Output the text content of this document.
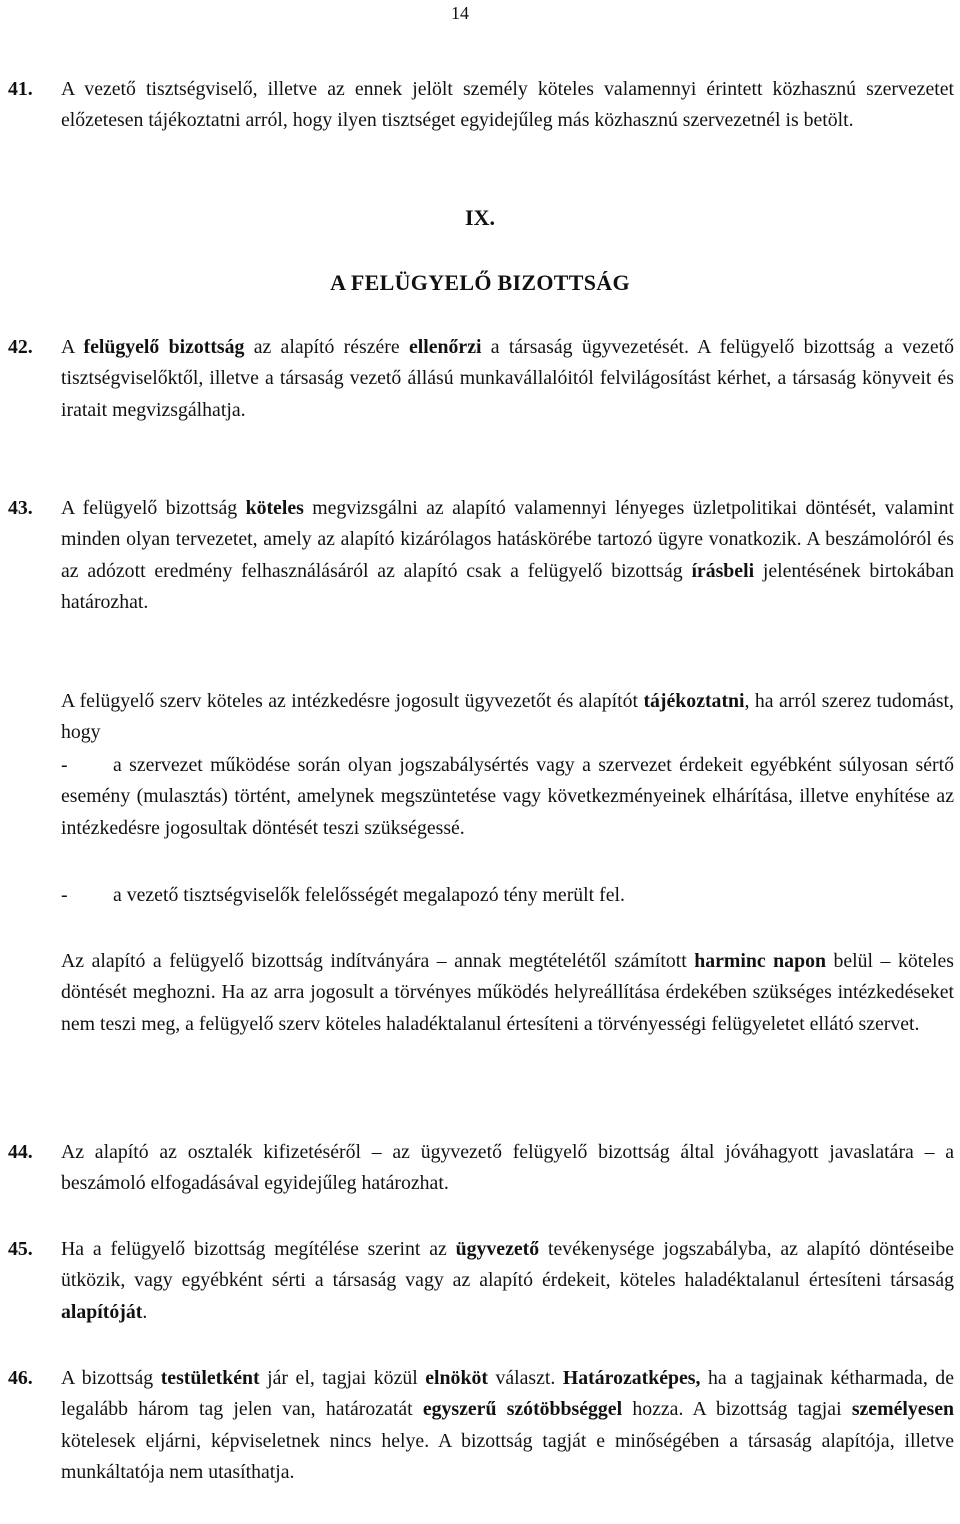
14
41. A vezető tisztségviselő, illetve az ennek jelölt személy köteles valamennyi érintett közhasznú szervezetet előzetesen tájékoztatni arról, hogy ilyen tisztséget egyidejűleg más közhasznú szervezetnél is betölt.
IX.
A FELÜGYELŐ BIZOTTSÁG
42. A felügyelő bizottság az alapító részére ellenőrzi a társaság ügyvezetését. A felügyelő bizottság a vezető tisztségviselőktől, illetve a társaság vezető állású munkavállalóitól felvilágosítást kérhet, a társaság könyveit és iratait megvizsgálhatja.
43. A felügyelő bizottság köteles megvizsgálni az alapító valamennyi lényeges üzletpolitikai döntését, valamint minden olyan tervezetet, amely az alapító kizárólagos hatáskörébe tartozó ügyre vonatkozik. A beszámolóról és az adózott eredmény felhasználásáról az alapító csak a felügyelő bizottság írásbeli jelentésének birtokában határozhat.
A felügyelő szerv köteles az intézkedésre jogosult ügyvezetőt és alapítót tájékoztatni, ha arról szerez tudomást, hogy
- a szervezet működése során olyan jogszabálysértés vagy a szervezet érdekeit egyébként súlyosan sértő esemény (mulasztás) történt, amelynek megszüntetése vagy következményeinek elhárítása, illetve enyhítése az intézkedésre jogosultak döntését teszi szükségessé.
- a vezető tisztségviselők felelősségét megalapozó tény merült fel.
Az alapító a felügyelő bizottság indítványára – annak megtételétől számított harminc napon belül – köteles döntését meghozni. Ha az arra jogosult a törvényes működés helyreállítása érdekében szükséges intézkedéseket nem teszi meg, a felügyelő szerv köteles haladéktalanul értesíteni a törvényességi felügyeletet ellátó szervet.
44. Az alapító az osztalék kifizetéséről – az ügyvezető felügyelő bizottság által jóváhagyott javaslatára – a beszámoló elfogadásával egyidejűleg határozhat.
45. Ha a felügyelő bizottság megítélése szerint az ügyvezető tevékenysége jogszabályba, az alapító döntéseibe ütközik, vagy egyébként sérti a társaság vagy az alapító érdekeit, köteles haladéktalanul értesíteni társaság alapítóját.
46. A bizottság testületként jár el, tagjai közül elnököt választ. Határozatképes, ha a tagjainak kétharmada, de legalább három tag jelen van, határozatát egyszerű szótöbbséggel hozza. A bizottság tagjai személyesen kötelesek eljárni, képviseletnek nincs helye. A bizottság tagját e minőségében a társaság alapítója, illetve munkáltatója nem utasíthatja.
